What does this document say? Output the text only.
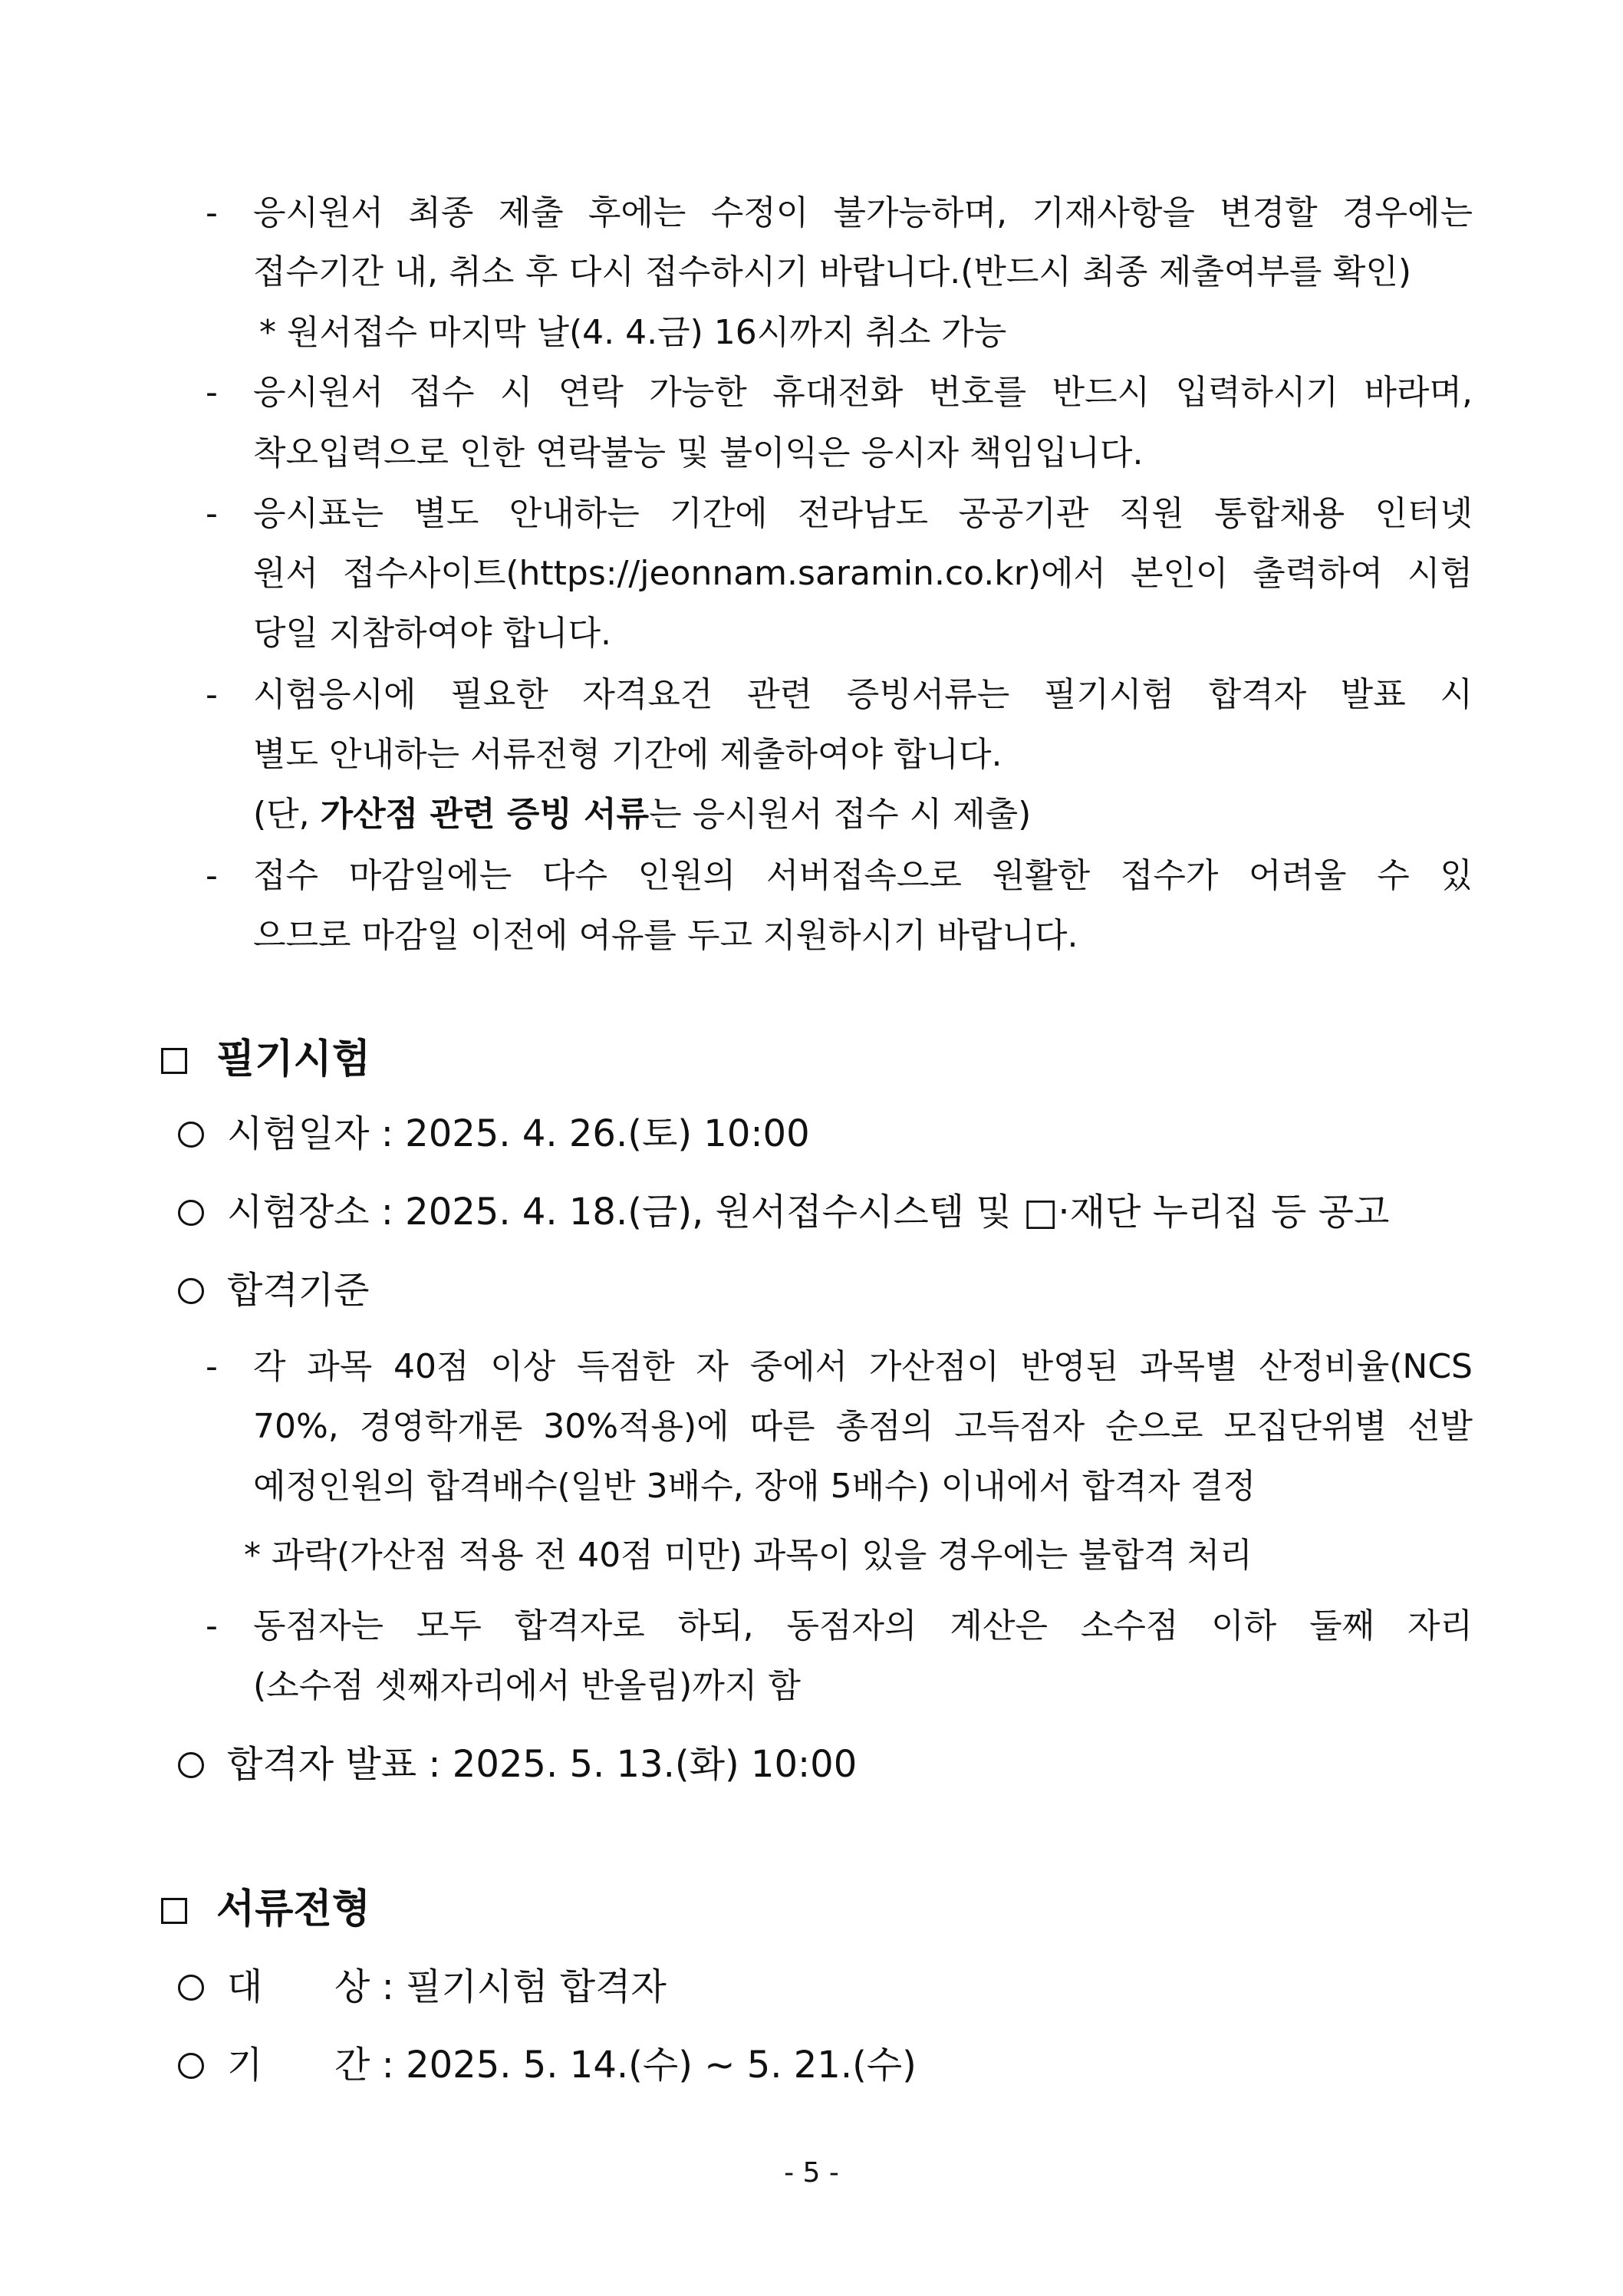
- 응시원서 최종 제출 후에는 수정이 불가능하며, 기재사항을 변경할 경우에는
접수기간 내, 취소 후 다시 접수하시기 바랍니다.(반드시 최종 제출여부를 확인)
* 원서접수 마지막 날(4. 4.금) 16시까지 취소 가능
- 응시원서 접수 시 연락 가능한 휴대전화 번호를 반드시 입력하시기 바라며,
착오입력으로 인한 연락불능 및 불이익은 응시자 책임입니다.
- 응시표는 별도 안내하는 기간에 전라남도 공공기관 직원 통합채용 인터넷
원서 접수사이트(https://jeonnam.saramin.co.kr)에서 본인이 출력하여 시험
당일 지참하여야 합니다.
- 시험응시에 필요한 자격요건 관련 증빙서류는 필기시험 합격자 발표 시
별도 안내하는 서류전형 기간에 제출하여야 합니다.
(단, 가산점 관련 증빙 서류는 응시원서 접수 시 제출)
- 접수 마감일에는 다수 인원의 서버접속으로 원활한 접수가 어려울 수 있
으므로 마감일 이전에 여유를 두고 지원하시기 바랍니다.
필기시험
시험일자 : 2025. 4. 26.(토) 10:00
시험장소 : 2025. 4. 18.(금), 원서접수시스템 및 □·재단 누리집 등 공고
합격기준
- 각 과목 40점 이상 득점한 자 중에서 가산점이 반영된 과목별 산정비율(NCS
70%, 경영학개론 30%적용)에 따른 총점의 고득점자 순으로 모집단위별 선발
예정인원의 합격배수(일반 3배수, 장애 5배수) 이내에서 합격자 결정
* 과락(가산점 적용 전 40점 미만) 과목이 있을 경우에는 불합격 처리
- 동점자는 모두 합격자로 하되, 동점자의 계산은 소수점 이하 둘째 자리
(소수점 셋째자리에서 반올림)까지 함
합격자 발표 : 2025. 5. 13.(화) 10:00
서류전형
대 상 : 필기시험 합격자
기 간 : 2025. 5. 14.(수) ~ 5. 21.(수)
- 5 -
